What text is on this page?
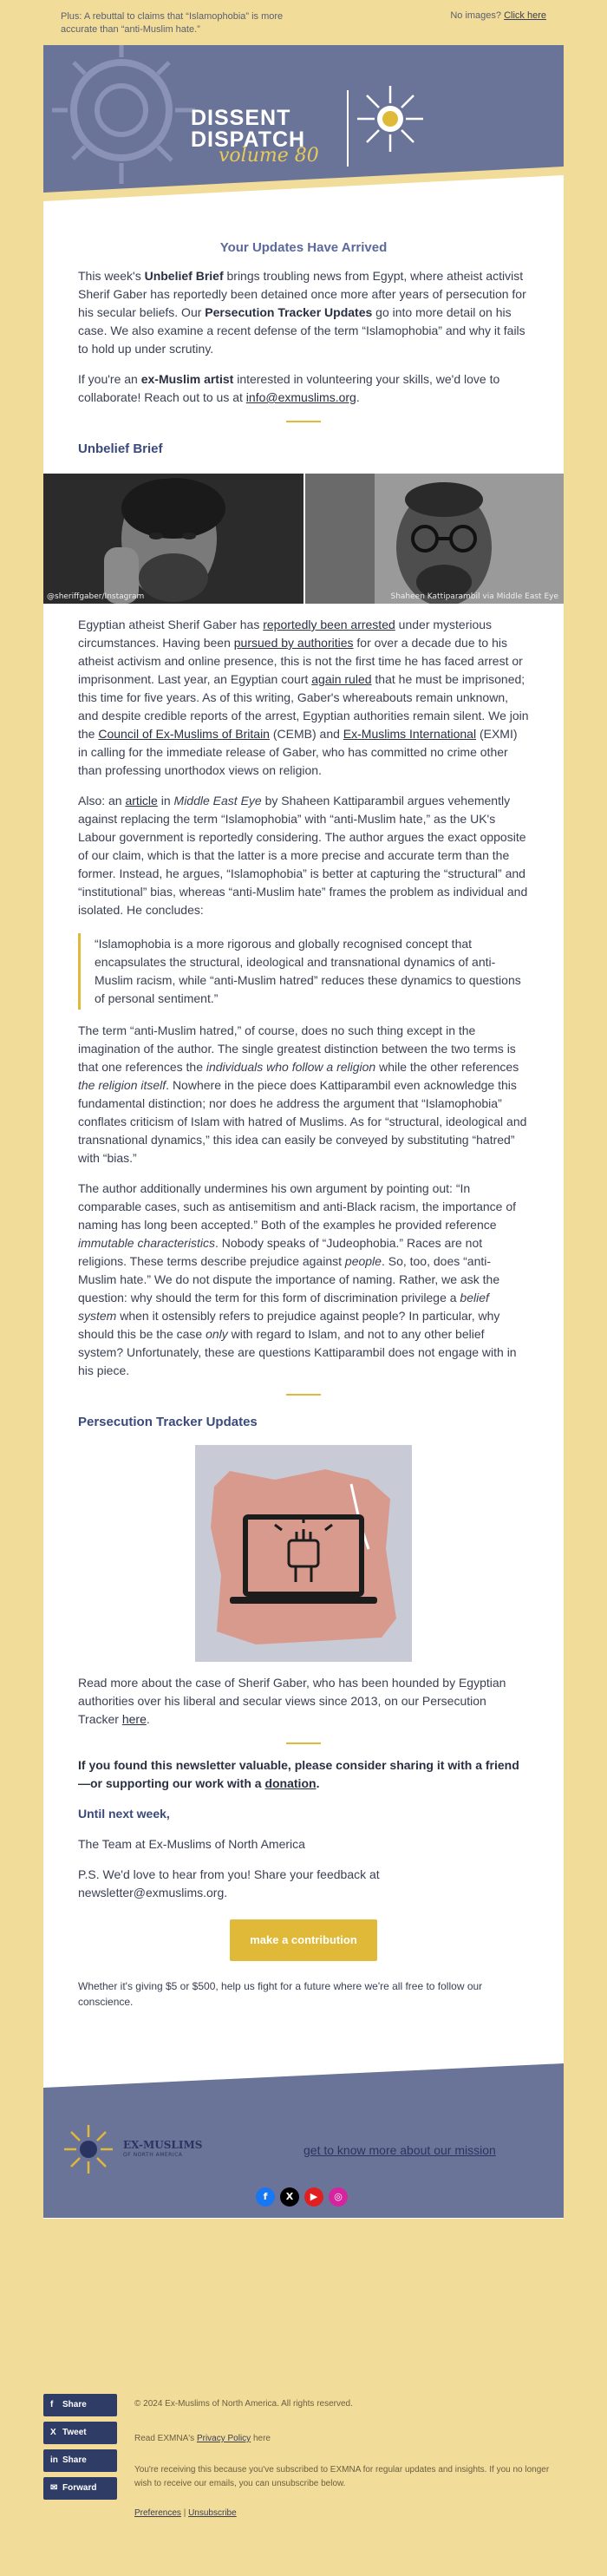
Plus: A rebuttal to claims that “Islamophobia” is more accurate than “anti-Muslim hate.”
No images? Click here
DISSENT
DISPATCH
volume 80
Your Updates Have Arrived

This week's Unbelief Brief brings troubling news from Egypt, where atheist activist Sherif Gaber has reportedly been detained once more after years of persecution for his secular beliefs. Our Persecution Tracker Updates go into more detail on his case. We also examine a recent defense of the term “Islamophobia” and why it fails to hold up under scrutiny.

If you're an ex-Muslim artist interested in volunteering your skills, we'd love to collaborate! Reach out to us at info@exmuslims.org.

Unbelief Brief
@sheriffgaber/Instagram	Shaheen Kattiparambil via Middle East Eye

Egyptian atheist Sherif Gaber has reportedly been arrested under mysterious circumstances. Having been pursued by authorities for over a decade due to his atheist activism and online presence, this is not the first time he has faced arrest or imprisonment. Last year, an Egyptian court again ruled that he must be imprisoned; this time for five years. As of this writing, Gaber's whereabouts remain unknown, and despite credible reports of the arrest, Egyptian authorities remain silent. We join the Council of Ex-Muslims of Britain (CEMB) and Ex-Muslims International (EXMI) in calling for the immediate release of Gaber, who has committed no crime other than professing unorthodox views on religion.

Also: an article in Middle East Eye by Shaheen Kattiparambil argues vehemently against replacing the term “Islamophobia” with “anti-Muslim hate,” as the UK's Labour government is reportedly considering. The author argues the exact opposite of our claim, which is that the latter is a more precise and accurate term than the former. Instead, he argues, “Islamophobia” is better at capturing the “structural” and “institutional” bias, whereas “anti-Muslim hate” frames the problem as individual and isolated. He concludes:

“Islamophobia is a more rigorous and globally recognised concept that encapsulates the structural, ideological and transnational dynamics of anti-Muslim racism, while “anti-Muslim hatred” reduces these dynamics to questions of personal sentiment.”

The term “anti-Muslim hatred,” of course, does no such thing except in the imagination of the author. The single greatest distinction between the two terms is that one references the individuals who follow a religion while the other references the religion itself. Nowhere in the piece does Kattiparambil even acknowledge this fundamental distinction; nor does he address the argument that “Islamophobia” conflates criticism of Islam with hatred of Muslims. As for “structural, ideological and transnational dynamics,” this idea can easily be conveyed by substituting “hatred” with “bias.”

The author additionally undermines his own argument by pointing out: “In comparable cases, such as antisemitism and anti-Black racism, the importance of naming has long been accepted.” Both of the examples he provided reference immutable characteristics. Nobody speaks of “Judeophobia.” Races are not religions. These terms describe prejudice against people. So, too, does “anti-Muslim hate.” We do not dispute the importance of naming. Rather, we ask the question: why should the term for this form of discrimination privilege a belief system when it ostensibly refers to prejudice against people? In particular, why should this be the case only with regard to Islam, and not to any other belief system? Unfortunately, these are questions Kattiparambil does not engage with in his piece.

Persecution Tracker Updates

Read more about the case of Sherif Gaber, who has been hounded by Egyptian authorities over his liberal and secular views since 2013, on our Persecution Tracker here.

If you found this newsletter valuable, please consider sharing it with a friend—or supporting our work with a donation.

Until next week,

The Team at Ex-Muslims of North America

P.S. We'd love to hear from you! Share your feedback at newsletter@exmuslims.org.

make a contribution

Whether it's giving $5 or $500, help us fight for a future where we're all free to follow our conscience.

EX-MUSLIMS
OF NORTH AMERICA	get to know more about our mission
f	X	▶	◎
f Share
X Tweet
in Share
✉ Forward
© 2024 Ex-Muslims of North America. All rights reserved.
Read EXMNA's Privacy Policy here
You're receiving this because you've subscribed to EXMNA for regular updates and insights. If you no longer wish to receive our emails, you can unsubscribe below.
Preferences | Unsubscribe
